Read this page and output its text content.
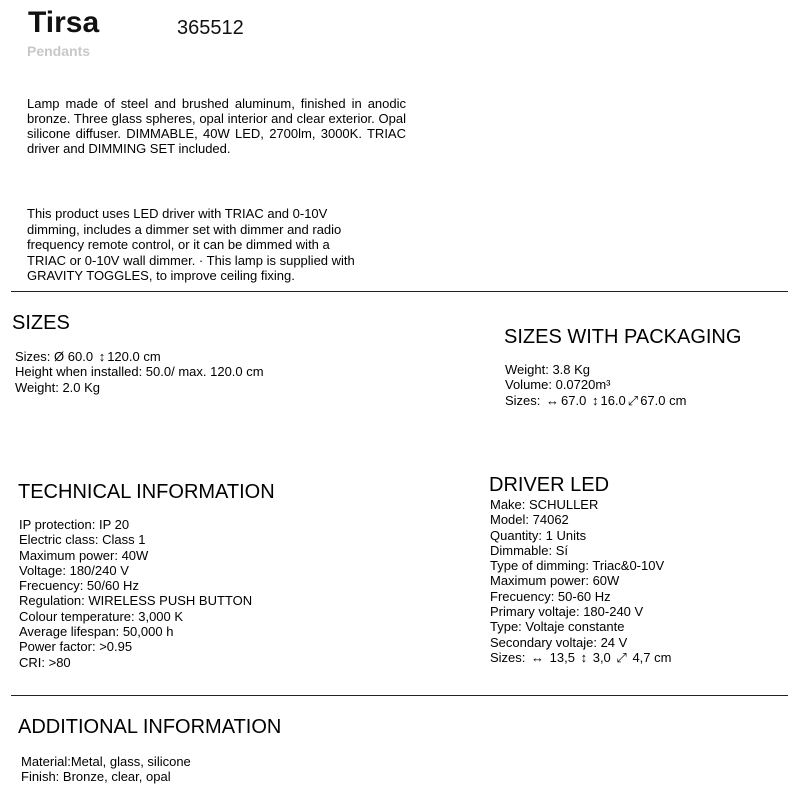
Tirsa	365512
Pendants
Lamp made of steel and brushed aluminum, finished in anodic bronze. Three glass spheres, opal interior and clear exterior. Opal silicone diffuser. DIMMABLE, 40W LED, 2700lm, 3000K. TRIAC driver and DIMMING SET included.
This product uses LED driver with TRIAC and 0-10V dimming, includes a dimmer set with dimmer and radio frequency remote control, or it can be dimmed with a TRIAC or 0-10V wall dimmer. · This lamp is supplied with GRAVITY TOGGLES, to improve ceiling fixing.
SIZES
Sizes: Ø 60.0 ↕ 120.0 cm
Height when installed: 50.0/ max. 120.0 cm
Weight: 2.0 Kg
SIZES WITH PACKAGING
Weight: 3.8 Kg
Volume: 0.0720m³
Sizes: ↔ 67.0 ↕ 16.0 ⤢ 67.0 cm
TECHNICAL INFORMATION
IP protection: IP 20
Electric class: Class 1
Maximum power: 40W
Voltage: 180/240 V
Frecuency: 50/60 Hz
Regulation: WIRELESS PUSH BUTTON
Colour temperature: 3,000 K
Average lifespan: 50,000 h
Power factor: >0.95
CRI: >80
DRIVER LED
Make: SCHULLER
Model: 74062
Quantity: 1 Units
Dimmable: Sí
Type of dimming: Triac&0-10V
Maximum power: 60W
Frecuency: 50-60 Hz
Primary voltaje: 180-240 V
Type: Voltaje constante
Secondary voltaje: 24 V
Sizes: ↔ 13,5 ↕ 3,0 ⤢ 4,7 cm
ADDITIONAL INFORMATION
Material:Metal, glass, silicone
Finish: Bronze, clear, opal
